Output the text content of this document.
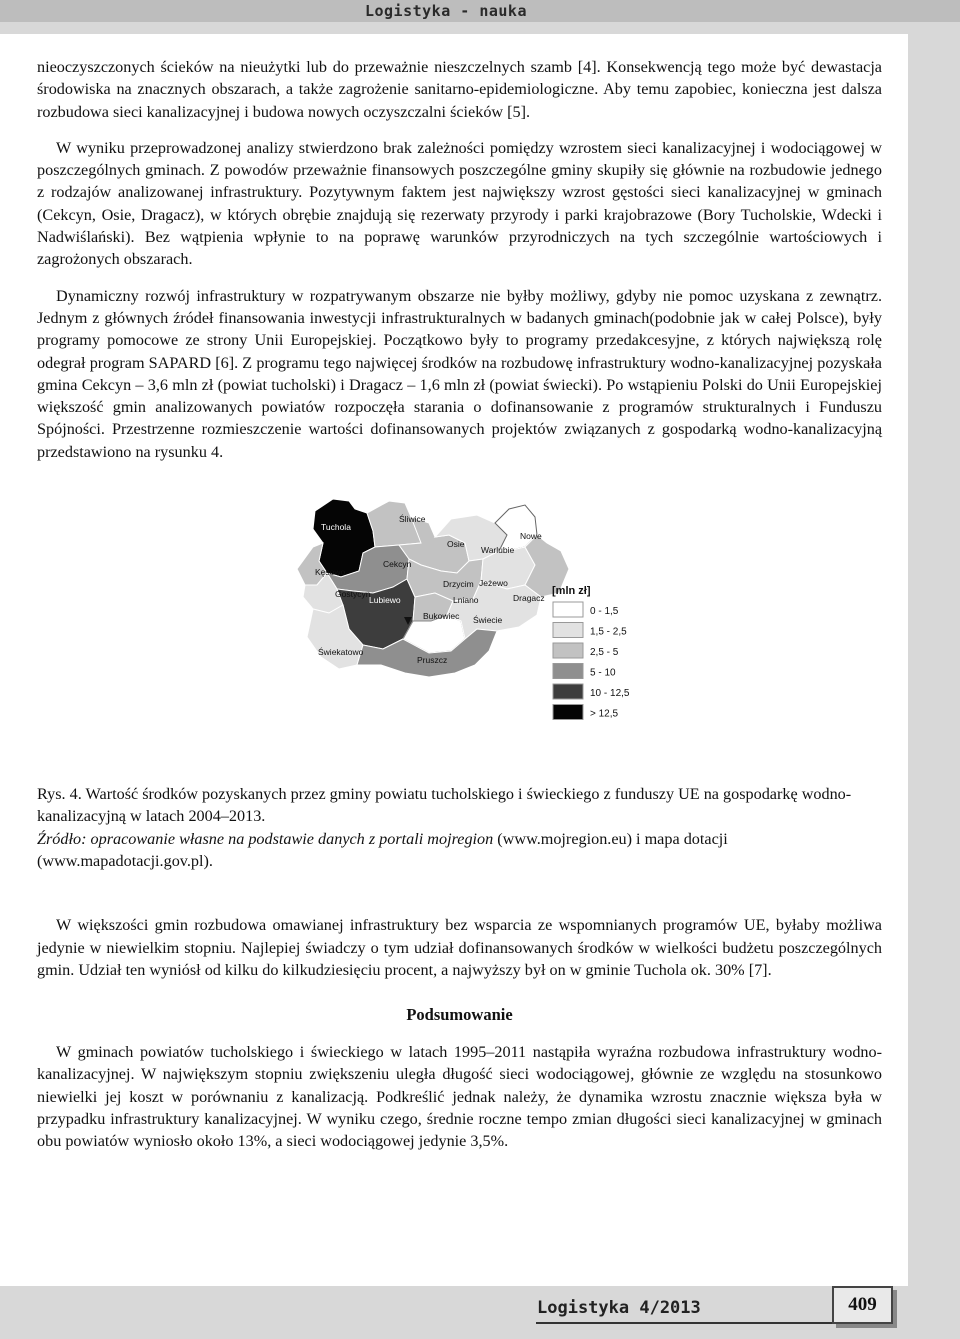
Logistyka - nauka

nieoczyszczonych ścieków na nieużytki lub do przeważnie nieszczelnych szamb [4]. Konsekwencją tego może być dewastacja środowiska na znacznych obszarach, a także zagrożenie sanitarno-epidemiologiczne. Aby temu zapobiec, konieczna jest dalsza rozbudowa sieci kanalizacyjnej i budowa nowych oczyszczalni ścieków [5].

W wyniku przeprowadzonej analizy stwierdzono brak zależności pomiędzy wzrostem sieci kanalizacyjnej i wodociągowej w poszczególnych gminach. Z powodów przeważnie finansowych poszczególne gminy skupiły się głównie na rozbudowie jednego z rodzajów analizowanej infrastruktury. Pozytywnym faktem jest największy wzrost gęstości sieci kanalizacyjnej w gminach (Cekcyn, Osie, Dragacz), w których obrębie znajdują się rezerwaty przyrody i parki krajobrazowe (Bory Tucholskie, Wdecki i Nadwiślański). Bez wątpienia wpłynie to na poprawę warunków przyrodniczych na tych szczególnie wartościowych i zagrożonych obszarach.

Dynamiczny rozwój infrastruktury w rozpatrywanym obszarze nie byłby możliwy, gdyby nie pomoc uzyskana z zewnątrz. Jednym z głównych źródeł finansowania inwestycji infrastrukturalnych w badanych gminach(podobnie jak w całej Polsce), były programy pomocowe ze strony Unii Europejskiej. Początkowo były to programy przedakcesyjne, z których największą rolę odegrał program SAPARD [6]. Z programu tego najwięcej środków na rozbudowę infrastruktury wodno-kanalizacyjnej pozyskała gmina Cekcyn – 3,6 mln zł (powiat tucholski) i Dragacz – 1,6 mln zł (powiat świecki). Po wstąpieniu Polski do Unii Europejskiej większość gmin analizowanych powiatów rozpoczęła starania o dofinansowanie z programów strukturalnych i Funduszu Spójności. Przestrzenne rozmieszczenie wartości dofinansowanych projektów związanych z gospodarką wodno-kanalizacyjną przedstawiono na rysunku 4.

Tuchola
Śliwice
Osie
Warlubie
Nowe
Kęsowo
Cekcyn
Gostycyn
Lubiewo
Drzycim Jeżewo
Lniano	Dragacz
Bukowiec Świecie
Świekatowo
Pruszcz
[mln zł]
0 - 1,5
1,5 - 2,5
2,5 - 5
5 - 10
10 - 12,5
> 12,5

Rys. 4. Wartość środków pozyskanych przez gminy powiatu tucholskiego i świeckiego z funduszy UE na gospodarkę wodno-kanalizacyjną w latach 2004–2013.

Źródło: opracowanie własne na podstawie danych z portali mojregion (www.mojregion.eu) i mapa dotacji (www.mapadotacji.gov.pl).

W większości gmin rozbudowa omawianej infrastruktury bez wsparcia ze wspomnianych programów UE, byłaby możliwa jedynie w niewielkim stopniu. Najlepiej świadczy o tym udział dofinansowanych środków w wielkości budżetu poszczególnych gmin. Udział ten wyniósł od kilku do kilkudziesięciu procent, a najwyższy był on w gminie Tuchola ok. 30% [7].

Podsumowanie

W gminach powiatów tucholskiego i świeckiego w latach 1995–2011 nastąpiła wyraźna rozbudowa infrastruktury wodno-kanalizacyjnej. W największym stopniu zwiększeniu uległa długość sieci wodociągowej, głównie ze względu na stosunkowo niewielki jej koszt w porównaniu z kanalizacją. Podkreślić jednak należy, że dynamika wzrostu znacznie większa była w przypadku infrastruktury kanalizacyjnej. W wyniku czego, średnie roczne tempo zmian długości sieci kanalizacyjnej w gminach obu powiatów wyniosło około 13%, a sieci wodociągowej jedynie 3,5%.

Logistyka 4/2013	409
